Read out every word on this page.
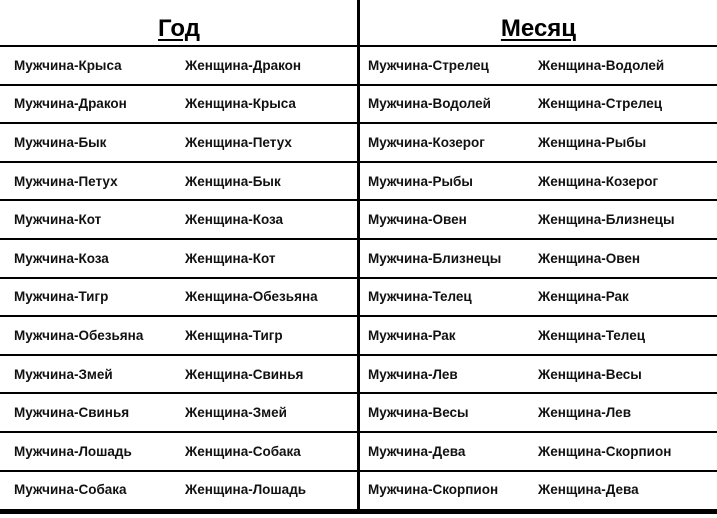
Год	Месяц
Мужчина-Крыса	Женщина-Дракон	Мужчина-Стрелец	Женщина-Водолей
Мужчина-Дракон	Женщина-Крыса	Мужчина-Водолей	Женщина-Стрелец
Мужчина-Бык	Женщина-Петух	Мужчина-Козерог	Женщина-Рыбы
Мужчина-Петух	Женщина-Бык	Мужчина-Рыбы	Женщина-Козерог
Мужчина-Кот	Женщина-Коза	Мужчина-Овен	Женщина-Близнецы
Мужчина-Коза	Женщина-Кот	Мужчина-Близнецы	Женщина-Овен
Мужчина-Тигр	Женщина-Обезьяна	Мужчина-Телец	Женщина-Рак
Мужчина-Обезьяна	Женщина-Тигр	Мужчина-Рак	Женщина-Телец
Мужчина-Змей	Женщина-Свинья	Мужчина-Лев	Женщина-Весы
Мужчина-Свинья	Женщина-Змей	Мужчина-Весы	Женщина-Лев
Мужчина-Лошадь	Женщина-Собака	Мужчина-Дева	Женщина-Скорпион
Мужчина-Собака	Женщина-Лошадь	Мужчина-Скорпион	Женщина-Дева
